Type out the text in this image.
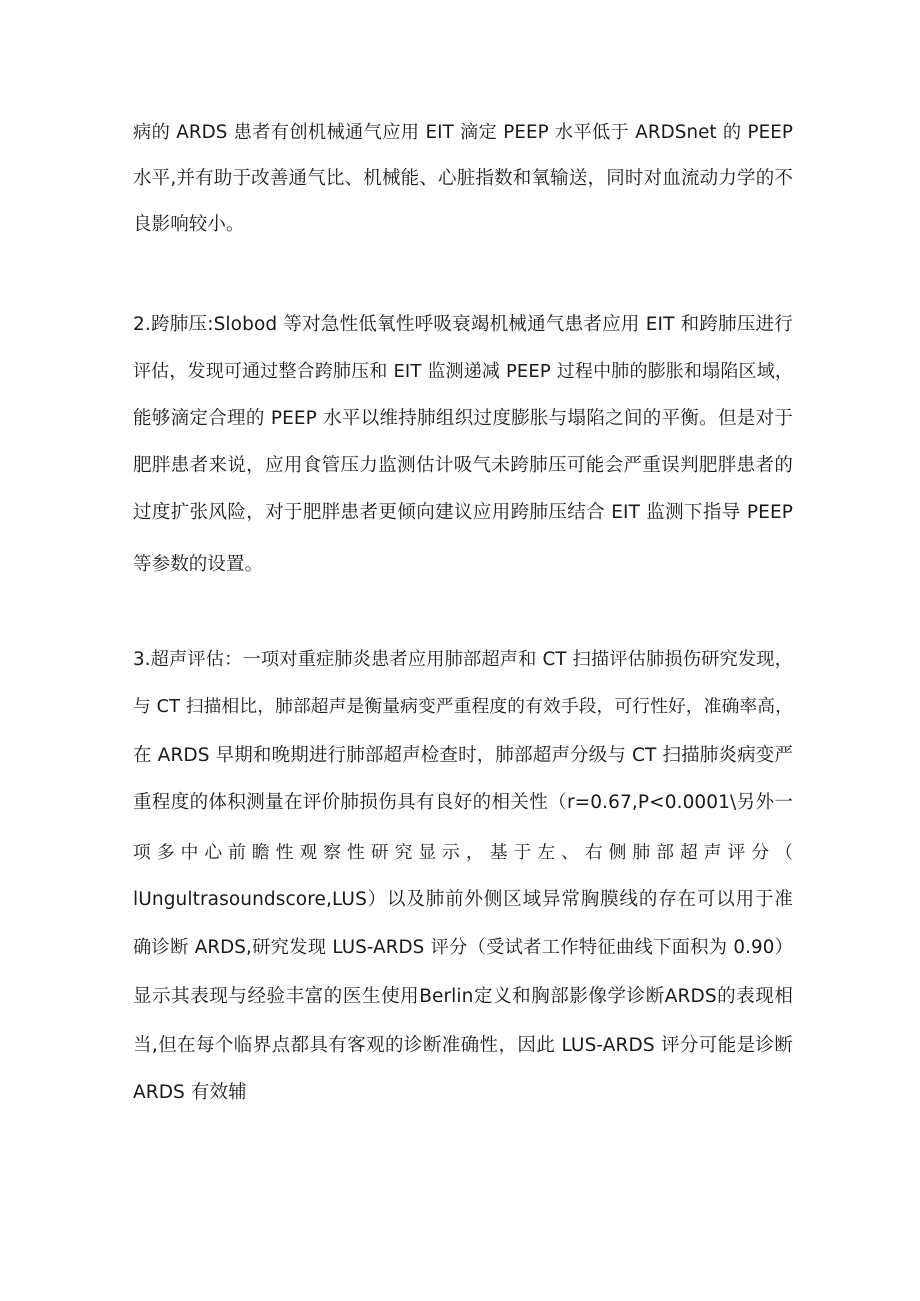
病的 ARDS 患者有创机械通气应用 EIT 滴定 PEEP 水平低于 ARDSnet 的 PEEP
水平,并有助于改善通气比、机械能、心脏指数和氧输送，同时对血流动力学的不
良影响较小。
2.跨肺压:Slobod 等对急性低氧性呼吸衰竭机械通气患者应用 EIT 和跨肺压进行
评估，发现可通过整合跨肺压和 EIT 监测递减 PEEP 过程中肺的膨胀和塌陷区域，
能够滴定合理的 PEEP 水平以维持肺组织过度膨胀与塌陷之间的平衡。但是对于
肥胖患者来说，应用食管压力监测估计吸气未跨肺压可能会严重误判肥胖患者的
过度扩张风险，对于肥胖患者更倾向建议应用跨肺压结合 EIT 监测下指导 PEEP
等参数的设置。
3.超声评估：一项对重症肺炎患者应用肺部超声和 CT 扫描评估肺损伤研究发现，
与 CT 扫描相比，肺部超声是衡量病变严重程度的有效手段，可行性好，准确率高，
在 ARDS 早期和晚期进行肺部超声检查时，肺部超声分级与 CT 扫描肺炎病变严
重程度的体积测量在评价肺损伤具有良好的相关性（r=0.67,P<0.0001\另外一
项 多 中 心 前 瞻 性 观 察 性 研 究 显 示 ， 基 于 左 、 右 侧 肺 部 超 声 评 分 （
lUngultrasoundscore,LUS）以及肺前外侧区域异常胸膜线的存在可以用于准
确诊断 ARDS,研究发现 LUS-ARDS 评分（受试者工作特征曲线下面积为 0.90）
显示其表现与经验丰富的医生使用Berlin定义和胸部影像学诊断ARDS的表现相
当,但在每个临界点都具有客观的诊断准确性，因此 LUS-ARDS 评分可能是诊断
ARDS 有效辅
